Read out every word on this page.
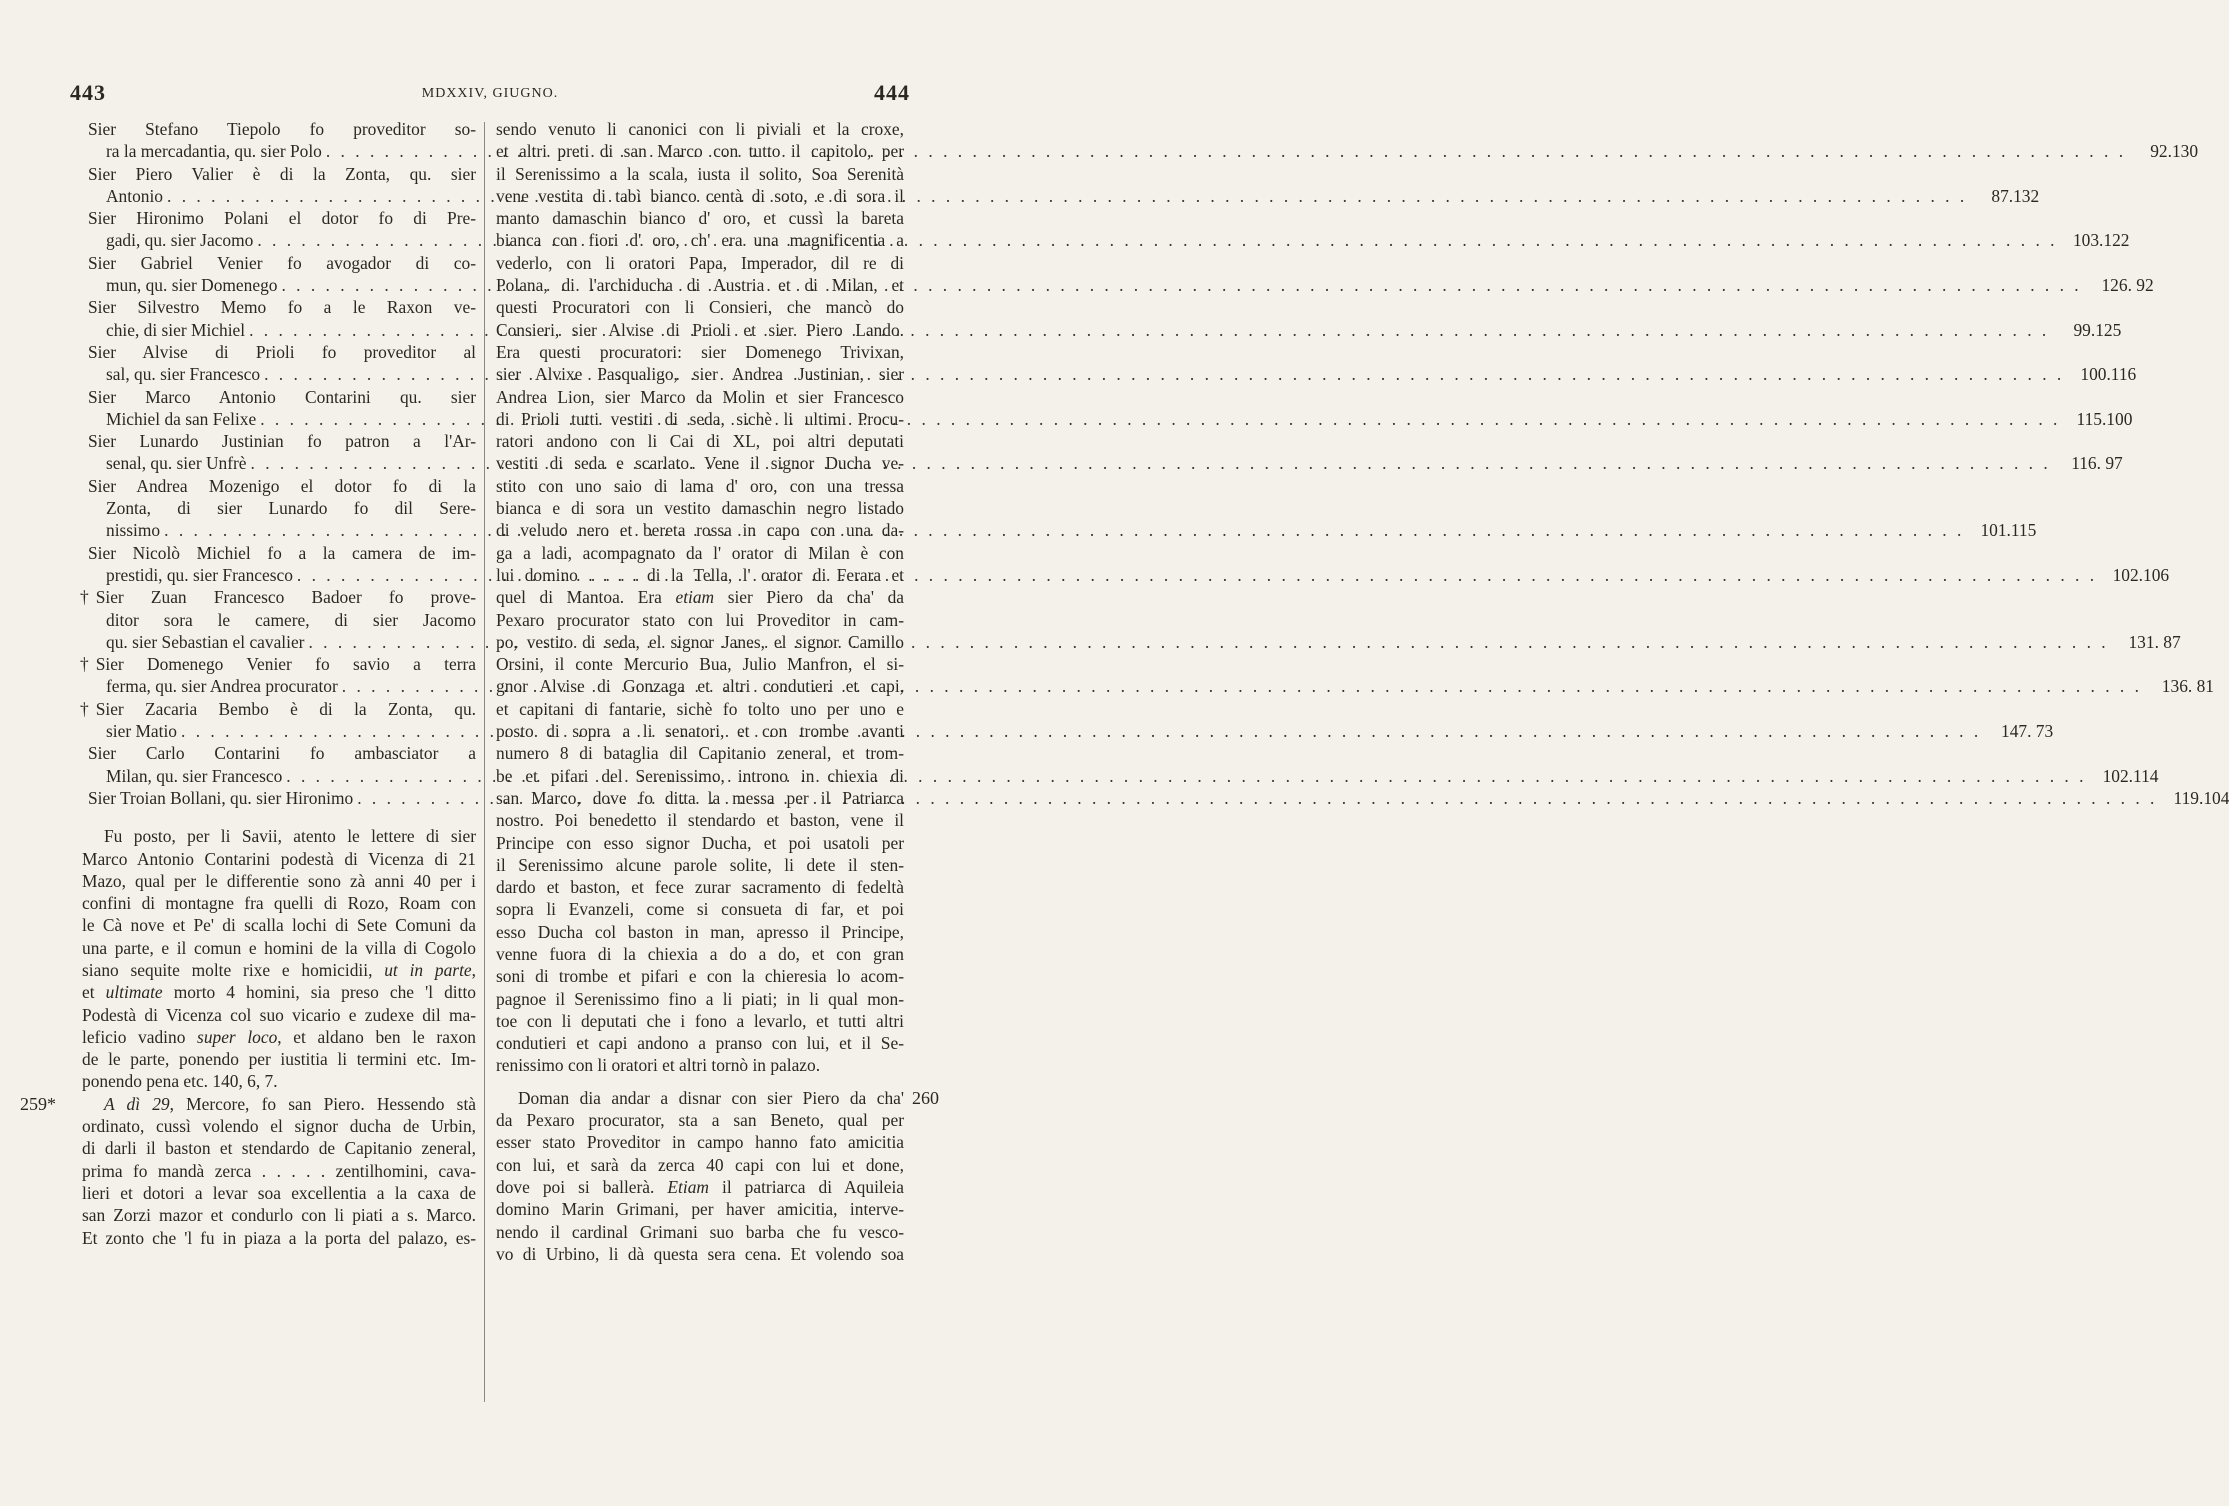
443	MDXXIV, GIUGNO.	444
Sier Stefano Tiepolo fo proveditor so-
ra la mercadantia, qu. sier Polo . . .	92.130
Sier Piero Valier è di la Zonta, qu. sier
Antonio . . .	87.132
Sier Hironimo Polani el dotor fo di Pre-
gadi, qu. sier Jacomo . . .	103.122
Sier Gabriel Venier fo avogador di co-
mun, qu. sier Domenego . . .	126. 92
Sier Silvestro Memo fo a le Raxon ve-
chie, di sier Michiel . . .	99.125
Sier Alvise di Prioli fo proveditor al
sal, qu. sier Francesco . . .	100.116
Sier Marco Antonio Contarini qu. sier
Michiel da san Felixe . . .	115.100
Sier Lunardo Justinian fo patron a l'Ar-
senal, qu. sier Unfrè . . .	116. 97
Sier Andrea Mozenigo el dotor fo di la
Zonta, di sier Lunardo fo dil Sere-
nissimo . . .	101.115
Sier Nicolò Michiel fo a la camera de im-
prestidi, qu. sier Francesco . . .	102.106
† Sier Zuan Francesco Badoer fo prove-
ditor sora le camere, di sier Jacomo
qu. sier Sebastian el cavalier . . .	131. 87
† Sier Domenego Venier fo savio a terra
ferma, qu. sier Andrea procurator . . .	136. 81
† Sier Zacaria Bembo è di la Zonta, qu.
sier Matio . . .	147. 73
Sier Carlo Contarini fo ambasciator a
Milan, qu. sier Francesco . . .	102.114
Sier Troian Bollani, qu. sier Hironimo . . .	119.104
Fu posto, per li Savii, atento le lettere di sier
Marco Antonio Contarini podestà di Vicenza di 21
Mazo, qual per le differentie sono zà anni 40 per i
confini di montagne fra quelli di Rozo, Roam con
le Cà nove et Pe' di scalla lochi di Sete Comuni da
una parte, e il comun e homini de la villa di Cogolo
siano sequite molte rixe e homicidii, ut in parte,
et ultimate morto 4 homini, sia preso che 'l ditto
Podestà di Vicenza col suo vicario e zudexe dil ma-
leficio vadino super loco, et aldano ben le raxon
de le parte, ponendo per iustitia li termini etc. Im-
ponendo pena etc. 140, 6, 7.
A dì 29, Mercore, fo san Piero. Hessendo stà
ordinato, cussì volendo el signor ducha de Urbin,
di darli il baston et stendardo de Capitanio zeneral,
prima fo mandà zerca . . . . . zentilhomini, cava-
lieri et dotori a levar soa excellentia a la caxa de
san Zorzi mazor et condurlo con li piati a s. Marco.
Et zonto che 'l fu in piaza a la porta del palazo, es-
sendo venuto li canonici con li piviali et la croxe,
et altri preti di san Marco con tutto il capitolo, per
il Serenissimo a la scala, iusta il solito, Soa Serenità
vene vestita di tabì bianco centà di soto, e di sora il
manto damaschin bianco d' oro, et cussì la bareta
bianca con fiori d' oro, ch' era una magnificentia a
vederlo, con li oratori Papa, Imperador, dil re di
Polana, di l'archiducha di Austria et di Milan, et
questi Procuratori con li Consieri, che mancò do
Consieri, sier Alvise di Prioli et sier Piero Lando.
Era questi procuratori: sier Domenego Trivixan,
sier Alvixe Pasqualigo, sier Andrea Justinian, sier
Andrea Lion, sier Marco da Molin et sier Francesco
di Prioli tutti vestiti di seda, sichè li ultimi Procu-
ratori andono con li Cai di XL, poi altri deputati
vestiti di seda e scarlato. Vene il signor Ducha ve-
stito con uno saio di lama d' oro, con una tressa
bianca e di sora un vestito damaschin negro listado
di veludo nero et bereta rossa in capo con una da-
ga a ladi, acompagnato da l' orator di Milan è con
lui domino . . . . di la Tella, l' orator di Ferara et
quel di Mantoa. Era etiam sier Piero da cha' da
Pexaro procurator stato con lui Proveditor in cam-
po, vestito di seda, el signor Janes, el signor Camillo
Orsini, il conte Mercurio Bua, Julio Manfron, el si-
gnor Alvise di Gonzaga et altri condutieri et capi,
et capitani di fantarie, sichè fo tolto uno per uno e
posto di sopra a li senatori, et con trombe avanti
numero 8 di bataglia dil Capitanio zeneral, et trom-
be et pifari del Serenissimo, introno in chiexia di
san Marco, dove fo ditta la messa per il Patriarca
nostro. Poi benedetto il stendardo et baston, vene il
Principe con esso signor Ducha, et poi usatoli per
il Serenissimo alcune parole solite, li dete il sten-
dardo et baston, et fece zurar sacramento di fedeltà
sopra li Evanzeli, come si consueta di far, et poi
esso Ducha col baston in man, apresso il Principe,
venne fuora di la chiexia a do a do, et con gran
soni di trombe et pifari e con la chieresia lo acom-
pagnoe il Serenissimo fino a li piati; in li qual mon-
toe con li deputati che i fono a levarlo, et tutti altri
condutieri et capi andono a pranso con lui, et il Se-
renissimo con li oratori et altri tornò in palazo.
Doman dia andar a disnar con sier Piero da cha'
da Pexaro procurator, sta a san Beneto, qual per
esser stato Proveditor in campo hanno fato amicitia
con lui, et sarà da zerca 40 capi con lui et done,
dove poi si ballerà. Etiam il patriarca di Aquileia
domino Marin Grimani, per haver amicitia, interve-
nendo il cardinal Grimani suo barba che fu vesco-
vo di Urbino, li dà questa sera cena. Et volendo soa
259*	260
